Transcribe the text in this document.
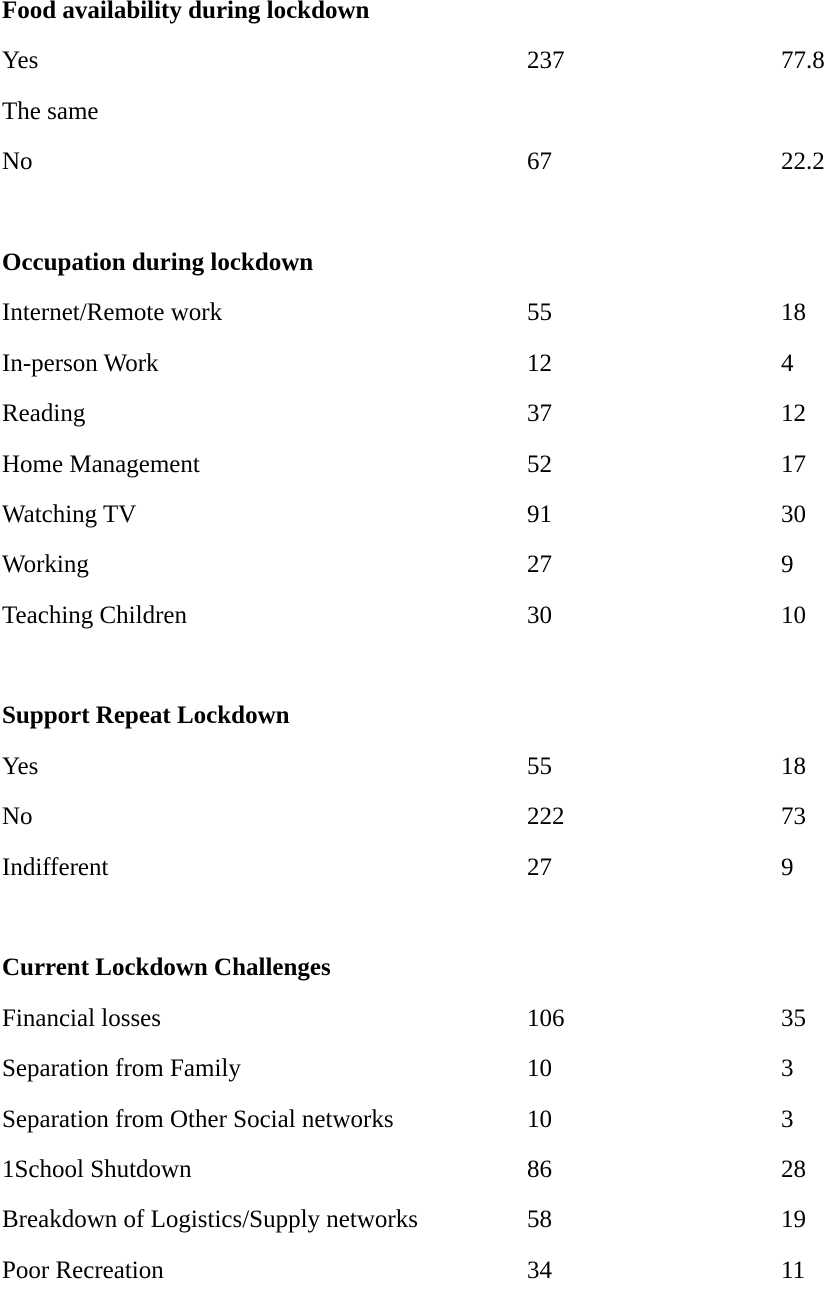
Food availability during lockdown
Yes	237	77.8
The same
No	67	22.2
Occupation during lockdown
Internet/Remote work	55	18
In-person Work	12	4
Reading	37	12
Home Management	52	17
Watching TV	91	30
Working	27	9
Teaching Children	30	10
Support Repeat Lockdown
Yes	55	18
No	222	73
Indifferent	27	9
Current Lockdown Challenges
Financial losses	106	35
Separation from Family	10	3
Separation from Other Social networks	10	3
1School Shutdown	86	28
Breakdown of Logistics/Supply networks	58	19
Poor Recreation	34	11
